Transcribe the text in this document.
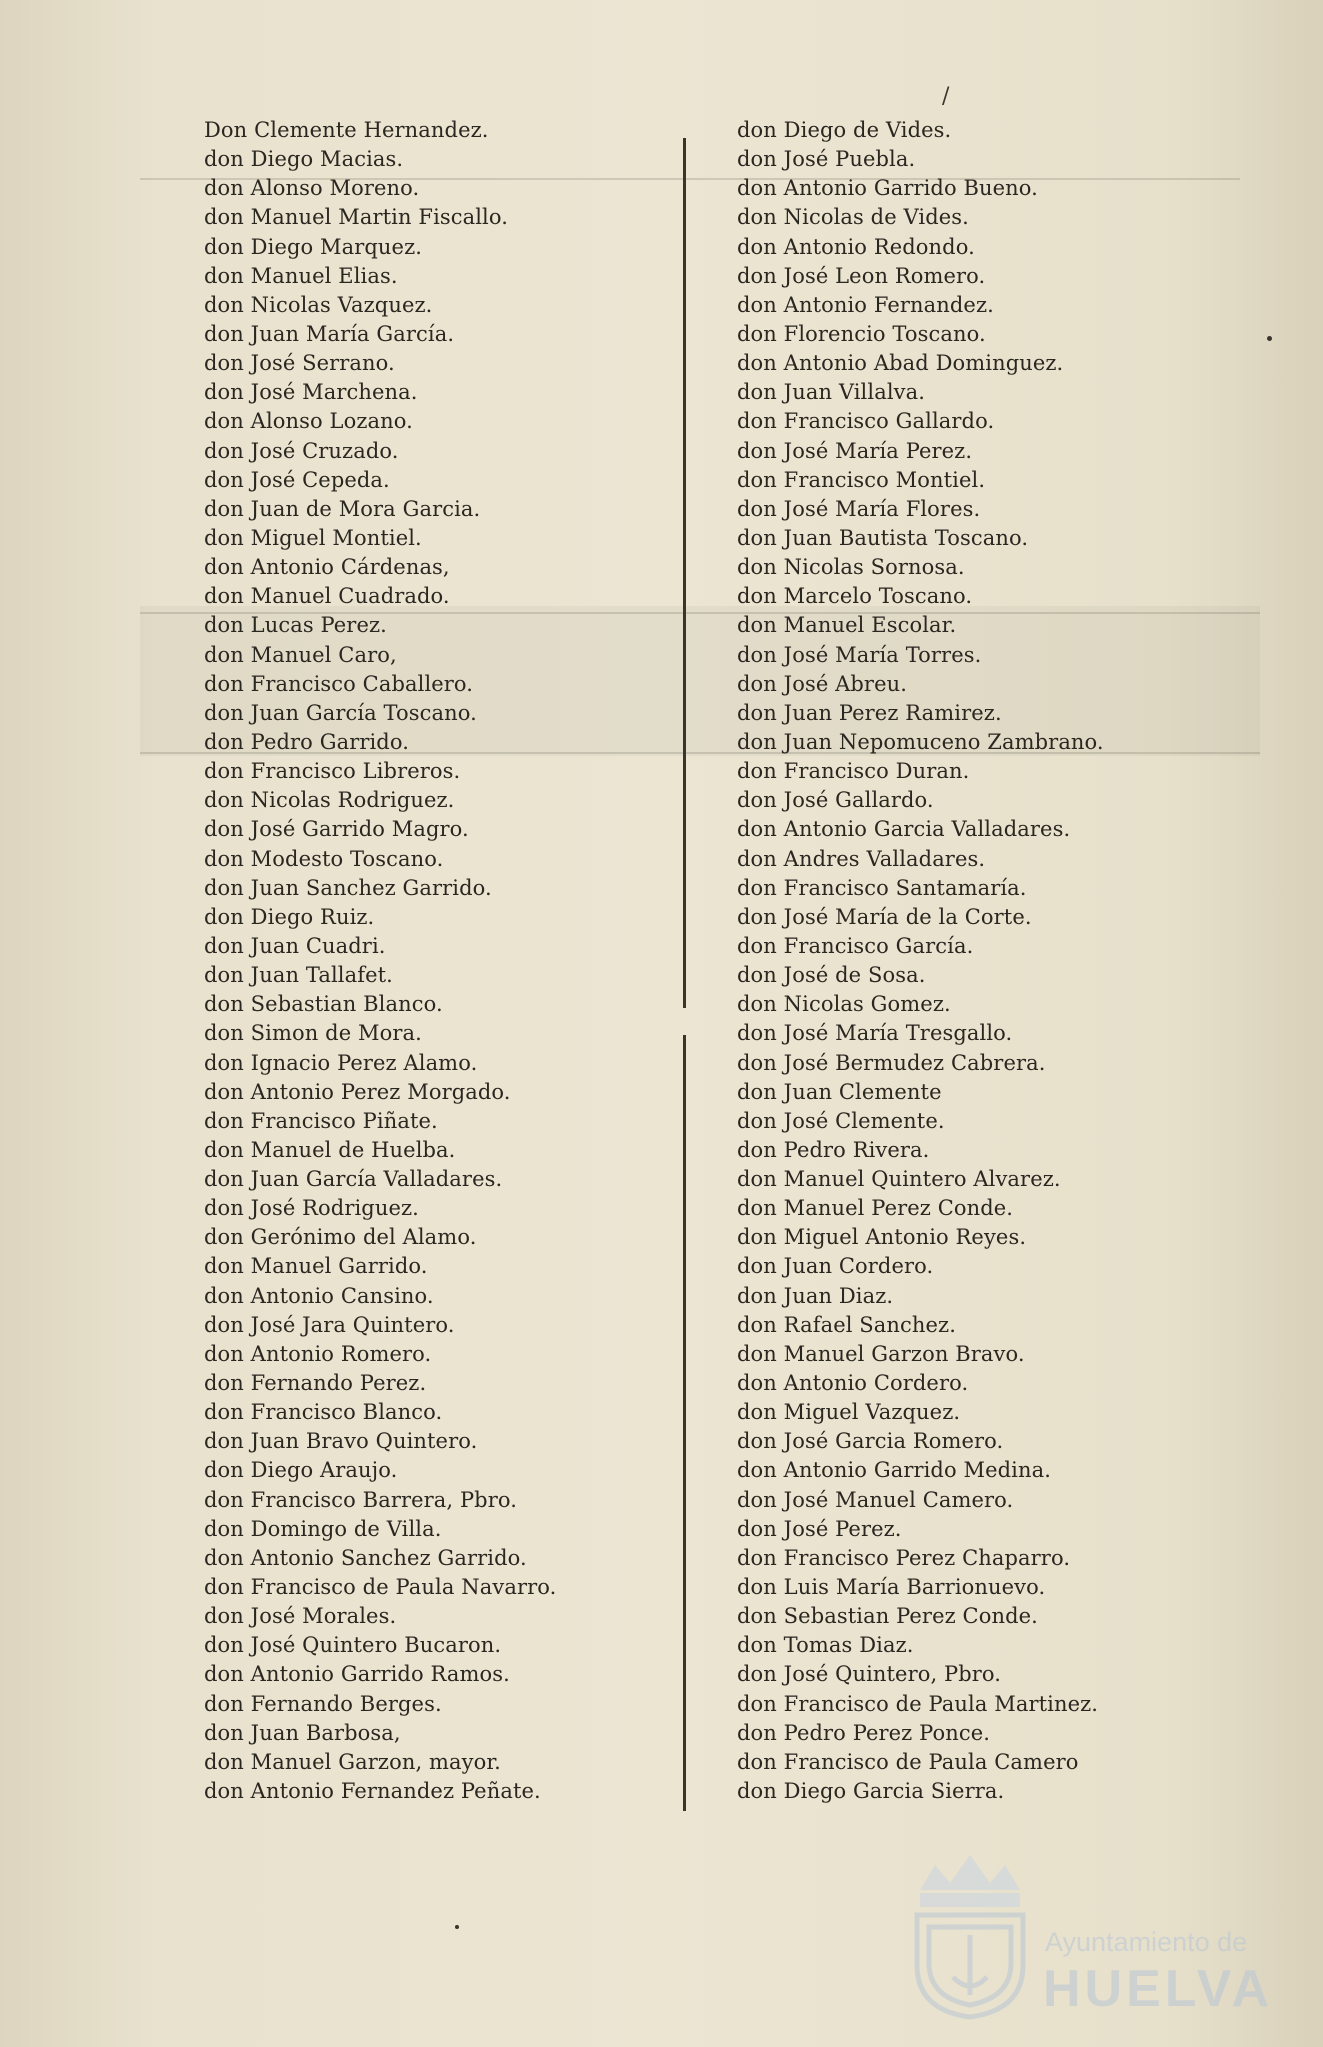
/
Don Clemente Hernandez.
don Diego Macias.
don Alonso Moreno.
don Manuel Martin Fiscallo.
don Diego Marquez.
don Manuel Elias.
don Nicolas Vazquez.
don Juan María García.
don José Serrano.
don José Marchena.
don Alonso Lozano.
don José Cruzado.
don José Cepeda.
don Juan de Mora Garcia.
don Miguel Montiel.
don Antonio Cárdenas,
don Manuel Cuadrado.
don Lucas Perez.
don Manuel Caro,
don Francisco Caballero.
don Juan García Toscano.
don Pedro Garrido.
don Francisco Libreros.
don Nicolas Rodriguez.
don José Garrido Magro.
don Modesto Toscano.
don Juan Sanchez Garrido.
don Diego Ruiz.
don Juan Cuadri.
don Juan Tallafet.
don Sebastian Blanco.
don Simon de Mora.
don Ignacio Perez Alamo.
don Antonio Perez Morgado.
don Francisco Piñate.
don Manuel de Huelba.
don Juan García Valladares.
don José Rodriguez.
don Gerónimo del Alamo.
don Manuel Garrido.
don Antonio Cansino.
don José Jara Quintero.
don Antonio Romero.
don Fernando Perez.
don Francisco Blanco.
don Juan Bravo Quintero.
don Diego Araujo.
don Francisco Barrera, Pbro.
don Domingo de Villa.
don Antonio Sanchez Garrido.
don Francisco de Paula Navarro.
don José Morales.
don José Quintero Bucaron.
don Antonio Garrido Ramos.
don Fernando Berges.
don Juan Barbosa,
don Manuel Garzon, mayor.
don Antonio Fernandez Peñate.
don Diego de Vides.
don José Puebla.
don Antonio Garrido Bueno.
don Nicolas de Vides.
don Antonio Redondo.
don José Leon Romero.
don Antonio Fernandez.
don Florencio Toscano.
don Antonio Abad Dominguez.
don Juan Villalva.
don Francisco Gallardo.
don José María Perez.
don Francisco Montiel.
don José María Flores.
don Juan Bautista Toscano.
don Nicolas Sornosa.
don Marcelo Toscano.
don Manuel Escolar.
don José María Torres.
don José Abreu.
don Juan Perez Ramirez.
don Juan Nepomuceno Zambrano.
don Francisco Duran.
don José Gallardo.
don Antonio Garcia Valladares.
don Andres Valladares.
don Francisco Santamaría.
don José María de la Corte.
don Francisco García.
don José de Sosa.
don Nicolas Gomez.
don José María Tresgallo.
don José Bermudez Cabrera.
don Juan Clemente
don José Clemente.
don Pedro Rivera.
don Manuel Quintero Alvarez.
don Manuel Perez Conde.
don Miguel Antonio Reyes.
don Juan Cordero.
don Juan Diaz.
don Rafael Sanchez.
don Manuel Garzon Bravo.
don Antonio Cordero.
don Miguel Vazquez.
don José Garcia Romero.
don Antonio Garrido Medina.
don José Manuel Camero.
don José Perez.
don Francisco Perez Chaparro.
don Luis María Barrionuevo.
don Sebastian Perez Conde.
don Tomas Diaz.
don José Quintero, Pbro.
don Francisco de Paula Martinez.
don Pedro Perez Ponce.
don Francisco de Paula Camero
don Diego Garcia Sierra.
Ayuntamiento de
HUELVA
